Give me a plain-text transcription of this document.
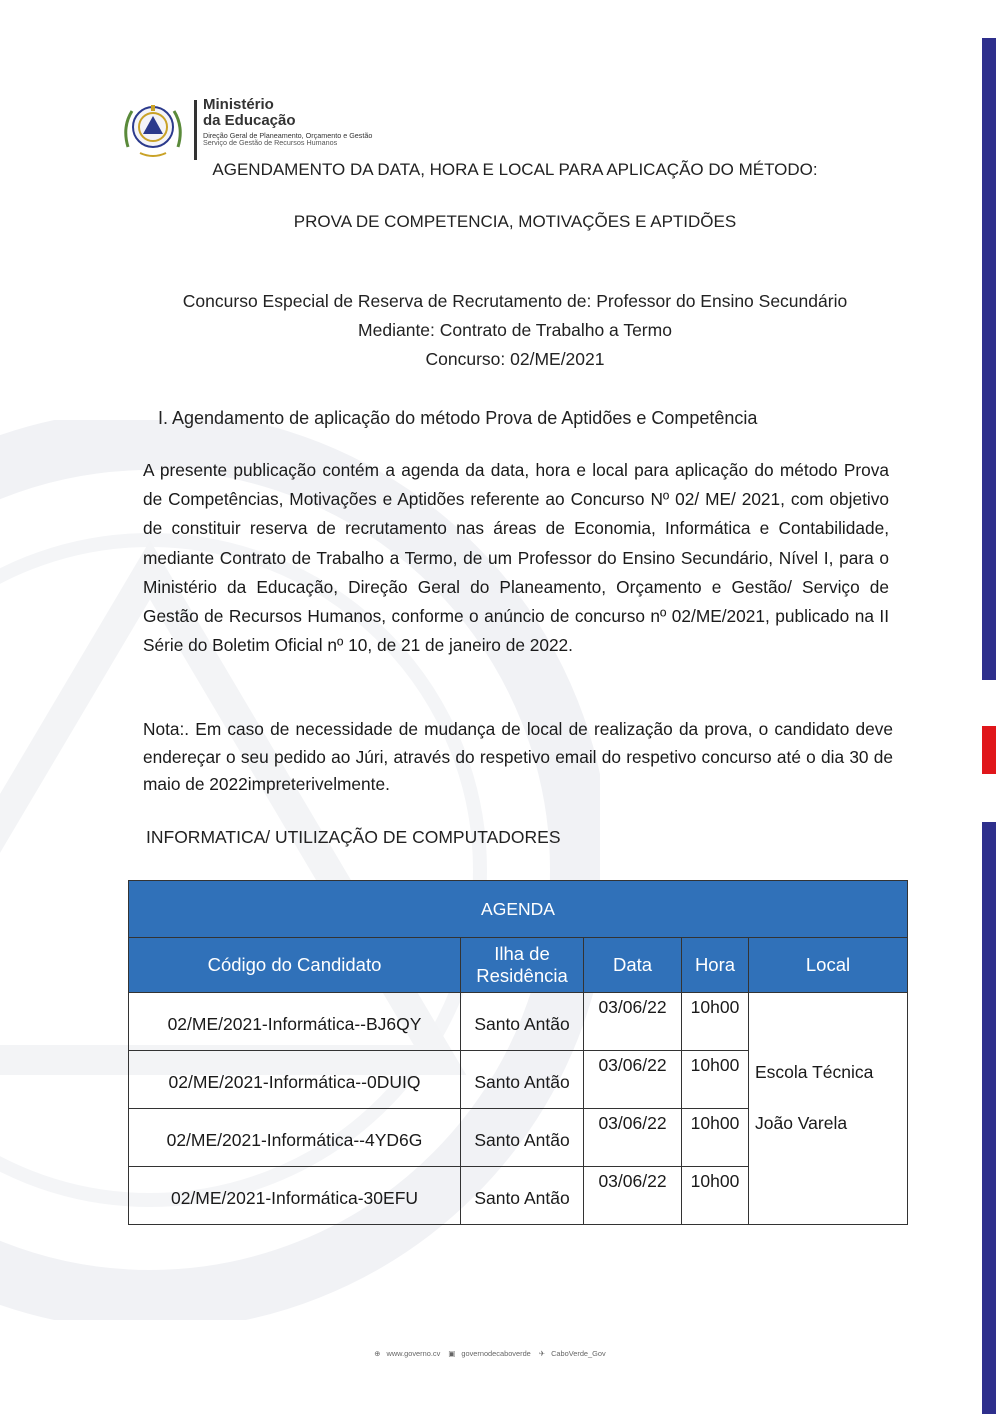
Ministério
da Educação
Direção Geral de Planeamento, Orçamento e Gestão
Serviço de Gestão de Recursos Humanos
AGENDAMENTO DA DATA, HORA E LOCAL PARA APLICAÇÃO DO MÉTODO:
PROVA DE COMPETENCIA, MOTIVAÇÕES E APTIDÕES
Concurso Especial de Reserva de Recrutamento de: Professor do Ensino Secundário
Mediante: Contrato de Trabalho a Termo
Concurso: 02/ME/2021
I. Agendamento de aplicação do método Prova de Aptidões e Competência
A presente publicação contém a agenda da data, hora e local para aplicação do método Prova de Competências, Motivações e Aptidões referente ao Concurso Nº 02/ ME/ 2021, com objetivo de constituir reserva de recrutamento nas áreas de Economia, Informática e Contabilidade, mediante Contrato de Trabalho a Termo, de um Professor do Ensino Secundário, Nível I, para o Ministério da Educação, Direção Geral do Planeamento, Orçamento e Gestão/ Serviço de Gestão de Recursos Humanos, conforme o anúncio de concurso nº 02/ME/2021, publicado na II Série do Boletim Oficial nº 10, de 21 de janeiro de 2022.
Nota:. Em caso de necessidade de mudança de local de realização da prova, o candidato deve endereçar o seu pedido ao Júri, através do respetivo email do respetivo concurso até o dia 30 de maio de 2022impreterivelmente.
INFORMATICA/ UTILIZAÇÃO DE COMPUTADORES
AGENDA				
Código do Candidato	Ilha de Residência	Data	Hora	Local
02/ME/2021-Informática--BJ6QY	Santo Antão	03/06/22	10h00	Escola Técnica
João Varela

02/ME/2021-Informática--0DUIQ	Santo Antão	03/06/22	10h00	
02/ME/2021-Informática--4YD6G	Santo Antão	03/06/22	10h00	
02/ME/2021-Informática-30EFU	Santo Antão	03/06/22	10h00	
⊕ www.governo.cv ▣ governodecaboverde ✈ CaboVerde_Gov
